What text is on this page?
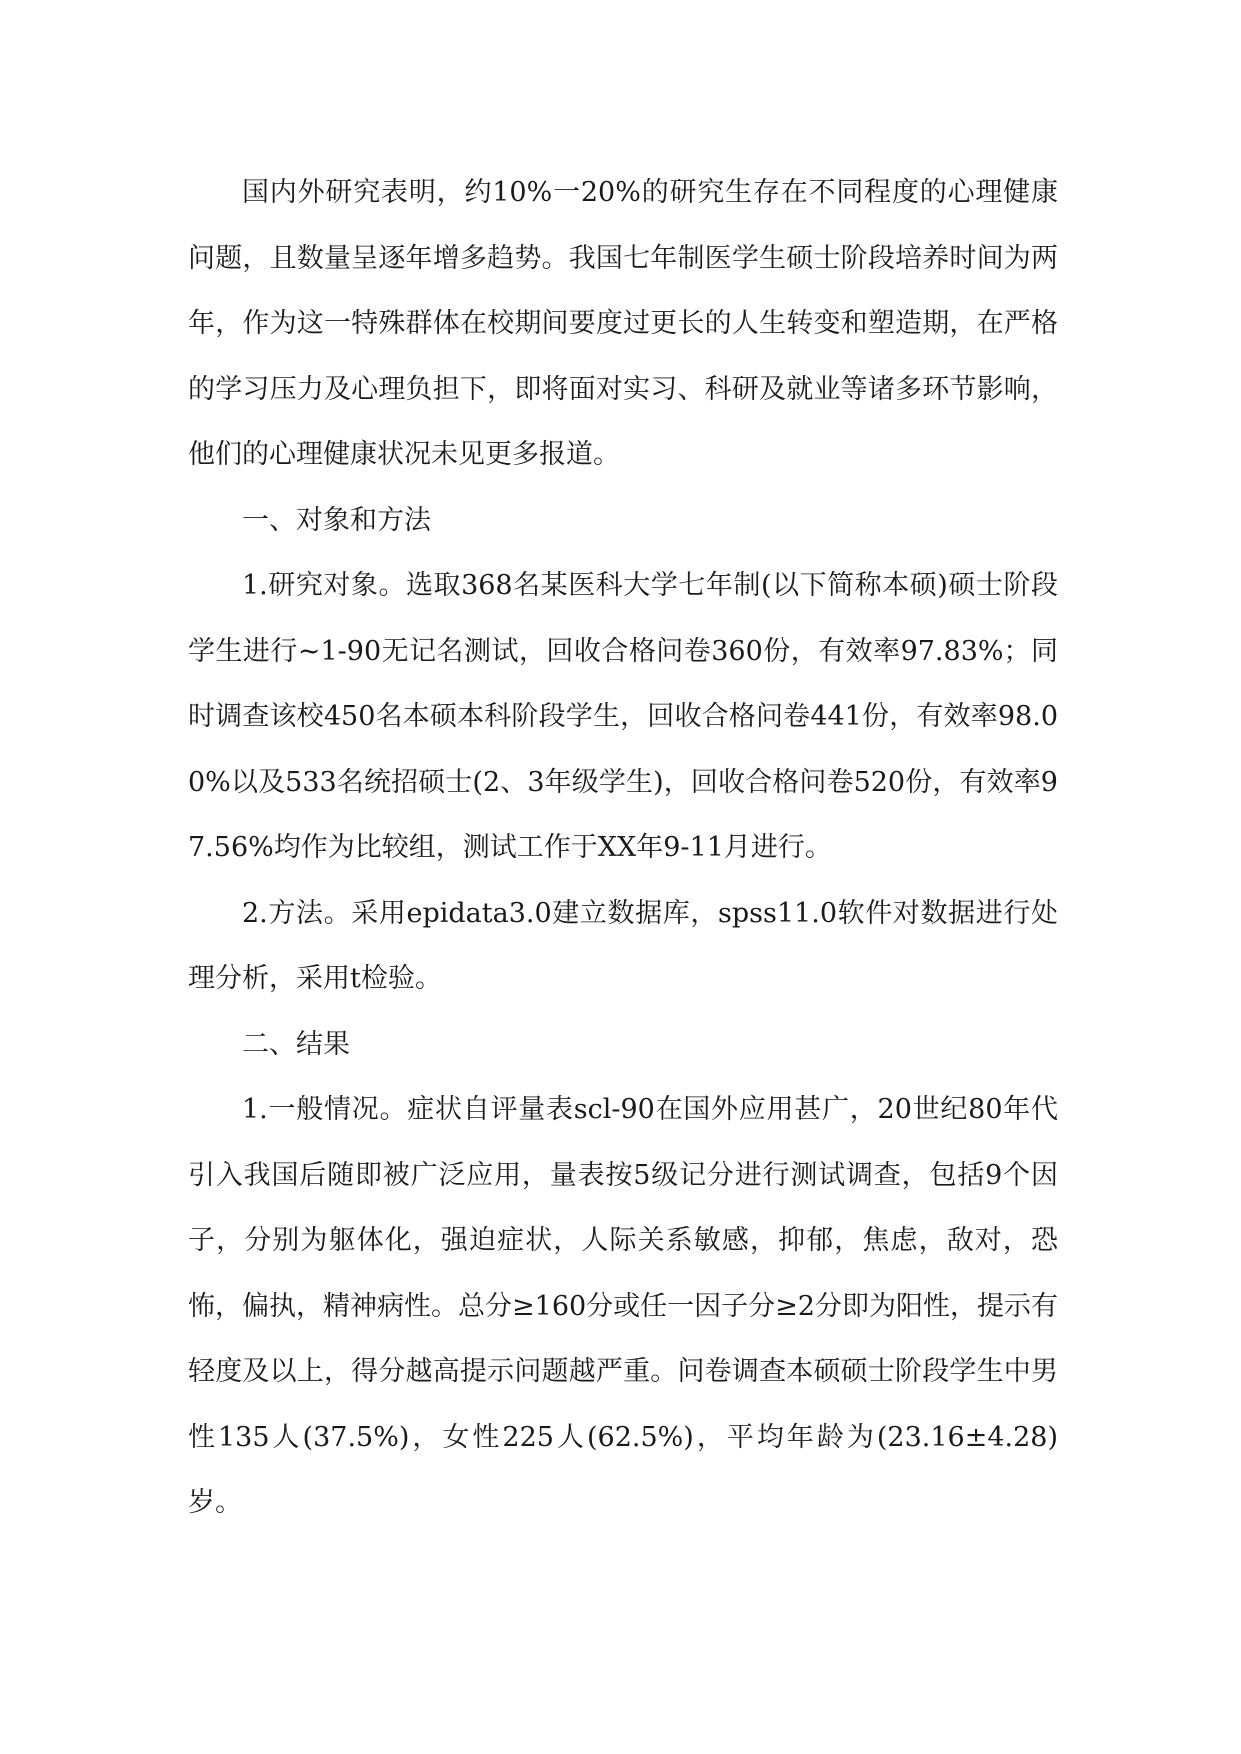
国内外研究表明，约10%一20%的研究生存在不同程度的心理健康问题，且数量呈逐年增多趋势。我国七年制医学生硕士阶段培养时间为两年，作为这一特殊群体在校期间要度过更长的人生转变和塑造期，在严格的学习压力及心理负担下，即将面对实习、科研及就业等诸多环节影响，他们的心理健康状况未见更多报道。

一、对象和方法

1.研究对象。选取368名某医科大学七年制(以下简称本硕)硕士阶段学生进行~1-90无记名测试，回收合格问卷360份，有效率97.83%；同时调查该校450名本硕本科阶段学生，回收合格问卷441份，有效率98.00%以及533名统招硕士(2、3年级学生)，回收合格问卷520份，有效率97.56%均作为比较组，测试工作于XX年9-11月进行。

2.方法。采用epidata3.0建立数据库，spss11.0软件对数据进行处理分析，采用t检验。

二、结果

1.一般情况。症状自评量表scl-90在国外应用甚广，20世纪80年代引入我国后随即被广泛应用，量表按5级记分进行测试调查，包括9个因子，分别为躯体化，强迫症状，人际关系敏感，抑郁，焦虑，敌对，恐怖，偏执，精神病性。总分≥160分或任一因子分≥2分即为阳性，提示有轻度及以上，得分越高提示问题越严重。问卷调查本硕硕士阶段学生中男性135人(37.5%)，女性225人(62.5%)，平均年龄为(23.16±4.28)岁。
